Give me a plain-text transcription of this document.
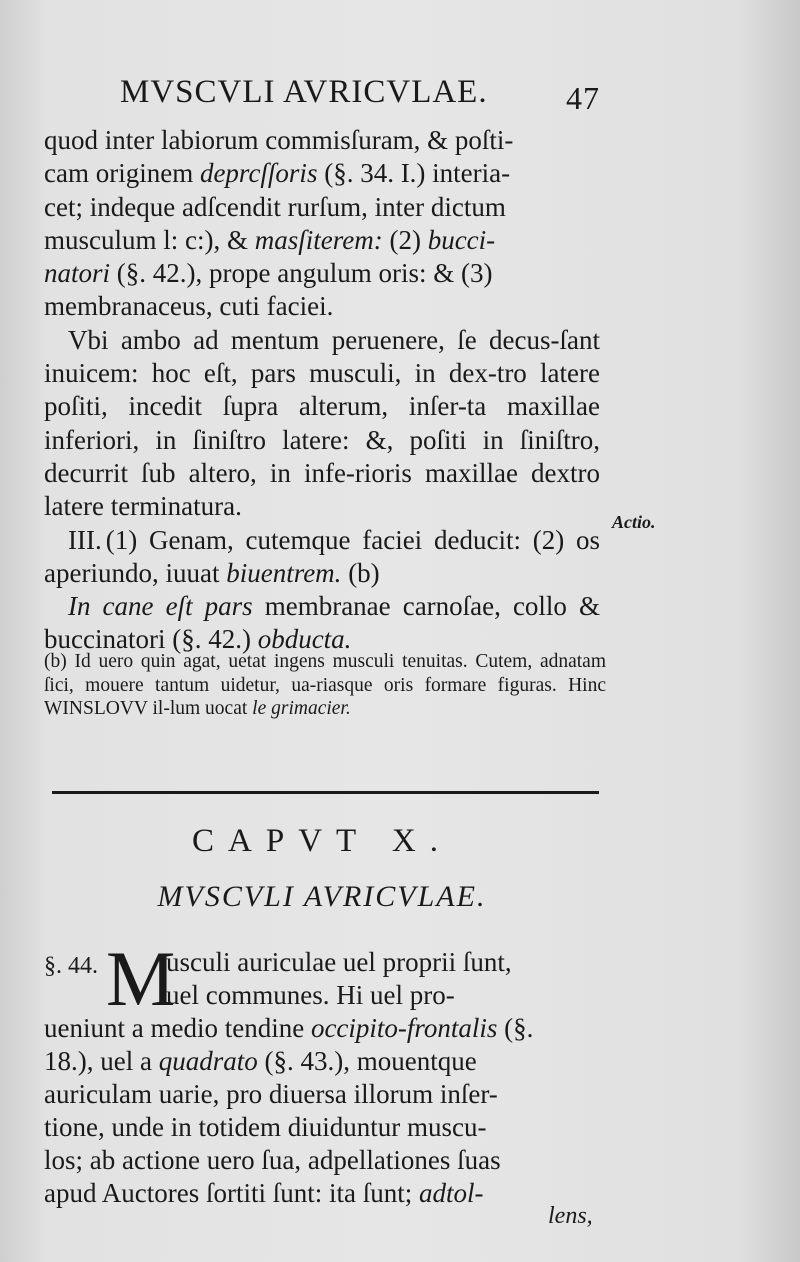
MVSCVLI AVRICVLAE. 47

quod inter labiorum commisſuram, & poſti-
cam originem deprcſſoris (§. 34. I.) interia-
cet; indeque adſcendit rurſum, inter dictum
musculum l: c:), & masſiterem: (2) bucci-
natori (§. 42.), prope angulum oris: & (3)
membranaceus, cuti faciei.

Vbi ambo ad mentum peruenere, ſe decus-ſant inuicem: hoc eſt, pars musculi, in dex-tro latere poſiti, incedit ſupra alterum, inſer-ta maxillae inferiori, in ſiniſtro latere: &, poſiti in ſiniſtro, decurrit ſub altero, in infe-rioris maxillae dextro latere terminatura.

III. (1) Genam, cutemque faciei deducit: (2) os aperiundo, iuuat biuentrem. (b)

In cane eſt pars membranae carnoſae, collo & buccinatori (§. 42.) obducta.

Actio.

(b) Id uero quin agat, uetat ingens musculi tenuitas. Cutem, adnatam ſici, mouere tantum uidetur, ua-riasque oris formare figuras. Hinc WINSLOVV il-lum uocat le grimacier.

CAPVT X.
MVSCVLI AVRICVLAE.
§. 44. M
usculi auriculae uel proprii ſunt,
uel communes. Hi uel pro-
ueniunt a medio tendine occipito-frontalis (§.
18.), uel a quadrato (§. 43.), mouentque
auriculam uarie, pro diuersa illorum inſer-
tione, unde in totidem diuiduntur muscu-
los; ab actione uero ſua, adpellationes ſuas
apud Auctores ſortiti ſunt: ita ſunt; adtol-
lens,
